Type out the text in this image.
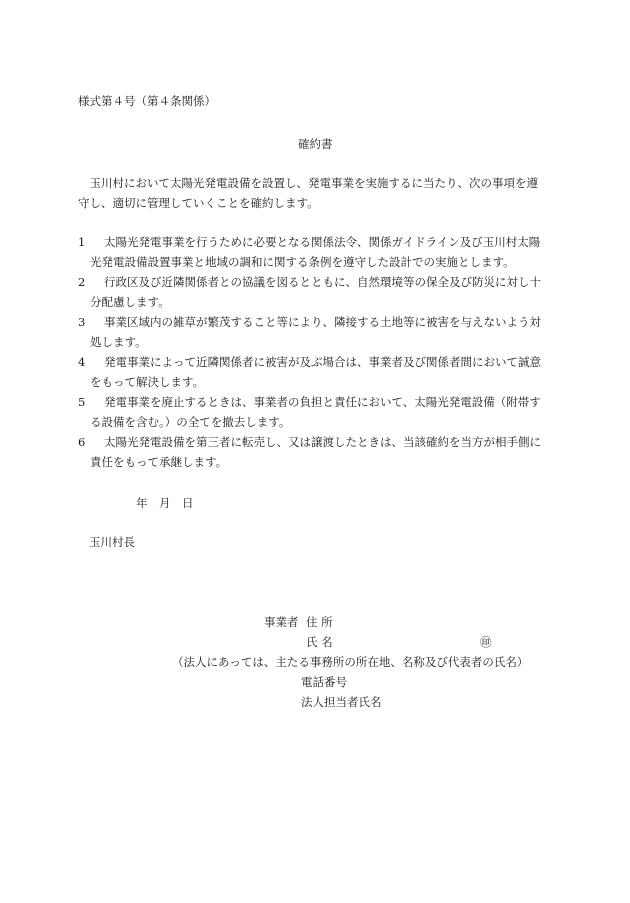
様式第４号（第４条関係）
確約書
　玉川村において太陽光発電設備を設置し、発電事業を実施するに当たり、次の事項を遵
守し、適切に管理していくことを確約します。
1 太陽光発電事業を行うために必要となる関係法令、関係ガイドライン及び玉川村太陽
光発電設備設置事業と地域の調和に関する条例を遵守した設計での実施とします。
2 行政区及び近隣関係者との協議を図るとともに、自然環境等の保全及び防災に対し十
分配慮します。
3 事業区域内の雑草が繁茂すること等により、隣接する土地等に被害を与えないよう対
処します。
4 発電事業によって近隣関係者に被害が及ぶ場合は、事業者及び関係者間において誠意
をもって解決します。
5 発電事業を廃止するときは、事業者の負担と責任において、太陽光発電設備（附帯す
る設備を含む。）の全てを撤去します。
6 太陽光発電設備を第三者に転売し、又は譲渡したときは、当該確約を当方が相手側に
責任をもって承継します。
年　月　日
玉川村長
事業者 住 所
氏 名	㊞
（法人にあっては、主たる事務所の所在地、名称及び代表者の氏名）
電話番号
法人担当者氏名
